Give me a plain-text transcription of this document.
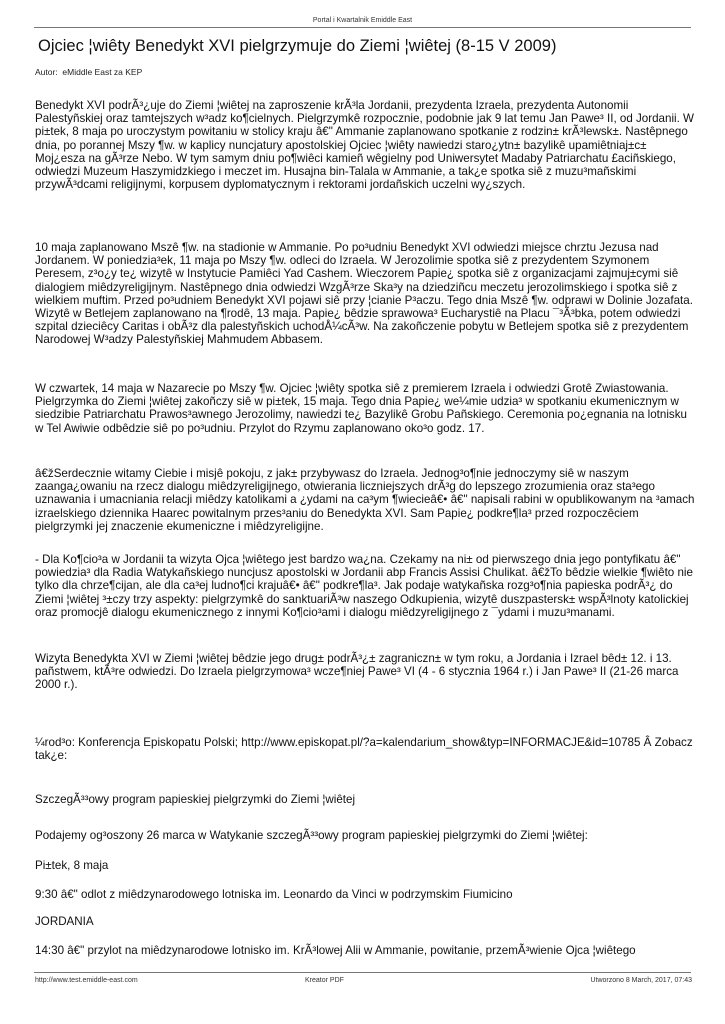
Portal i Kwartalnik Emiddle East
Ojciec ¦wiêty Benedykt XVI pielgrzymuje do Ziemi ¦wiêtej (8-15 V 2009)
Autor: eMiddle East za KEP

Benedykt XVI podrÃ³¿uje do Ziemi ¦wiêtej na zaproszenie krÃ³la Jordanii, prezydenta Izraela, prezydenta Autonomii Palestyñskiej oraz tamtejszych w³adz ko¶cielnych. Pielgrzymkê rozpocznie, podobnie jak 9 lat temu Jan Pawe³ II, od Jordanii. W pi±tek, 8 maja po uroczystym powitaniu w stolicy kraju â€" Ammanie zaplanowano spotkanie z rodzin± krÃ³lewsk±. Nastêpnego dnia, po porannej Mszy ¶w. w kaplicy nuncjatury apostolskiej Ojciec ¦wiêty nawiedzi staro¿ytn± bazylikê upamiêtniaj±c± Moj¿esza na gÃ³rze Nebo. W tym samym dniu po¶wiêci kamieñ wêgielny pod Uniwersytet Madaby Patriarchatu £aciñskiego, odwiedzi Muzeum Haszymidzkiego i meczet im. Husajna bin-Talala w Ammanie, a tak¿e spotka siê z muzu³mañskimi przywÃ³dcami religijnymi, korpusem dyplomatycznym i rektorami jordañskich uczelni wy¿szych.

10 maja zaplanowano Mszê ¶w. na stadionie w Ammanie. Po po³udniu Benedykt XVI odwiedzi miejsce chrztu Jezusa nad Jordanem. W poniedzia³ek, 11 maja po Mszy ¶w. odleci do Izraela. W Jerozolimie spotka siê z prezydentem Szymonem Peresem, z³o¿y te¿ wizytê w Instytucie Pamiêci Yad Cashem. Wieczorem Papie¿ spotka siê z organizacjami zajmuj±cymi siê dialogiem miêdzyreligijnym. Nastêpnego dnia odwiedzi WzgÃ³rze Ska³y na dziedziñcu meczetu jerozolimskiego i spotka siê z wielkiem muftim. Przed po³udniem Benedykt XVI pojawi siê przy ¦cianie P³aczu. Tego dnia Mszê ¶w. odprawi w Dolinie Jozafata.

Wizytê w Betlejem zaplanowano na ¶rodê, 13 maja. Papie¿ bêdzie sprawowa³ Eucharystiê na Placu ¯³Ã³bka, potem odwiedzi szpital dzieciêcy Caritas i obÃ³z dla palestyñskich uchodÅ¼cÃ³w. Na zakoñczenie pobytu w Betlejem spotka siê z prezydentem Narodowej W³adzy Palestyñskiej Mahmudem Abbasem.

W czwartek, 14 maja w Nazarecie po Mszy ¶w. Ojciec ¦wiêty spotka siê z premierem Izraela i odwiedzi Grotê Zwiastowania. Pielgrzymka do Ziemi ¦wiêtej zakoñczy siê w pi±tek, 15 maja. Tego dnia Papie¿ we¼mie udzia³ w spotkaniu ekumenicznym w siedzibie Patriarchatu Prawos³awnego Jerozolimy, nawiedzi te¿ Bazylikê Grobu Pañskiego. Ceremonia po¿egnania na lotnisku w Tel Awiwie odbêdzie siê po po³udniu. Przylot do Rzymu zaplanowano oko³o godz. 17.

â€žSerdecznie witamy Ciebie i misjê pokoju, z jak± przybywasz do Izraela. Jednog³o¶nie jednoczymy siê w naszym zaanga¿owaniu na rzecz dialogu miêdzyreligijnego, otwierania liczniejszych drÃ³g do lepszego zrozumienia oraz sta³ego uznawania i umacniania relacji miêdzy katolikami a ¿ydami na ca³ym ¶wiecieâ€• â€" napisali rabini w opublikowanym na ³amach izraelskiego dziennika Haarec powitalnym przes³aniu do Benedykta XVI. Sam Papie¿ podkre¶la³ przed rozpoczêciem pielgrzymki jej znaczenie ekumeniczne i miêdzyreligijne.

- Dla Ko¶cio³a w Jordanii ta wizyta Ojca ¦wiêtego jest bardzo wa¿na. Czekamy na ni± od pierwszego dnia jego pontyfikatu â€" powiedzia³ dla Radia Watykañskiego nuncjusz apostolski w Jordanii abp Francis Assisi Chulikat. â€žTo bêdzie wielkie ¶wiêto nie tylko dla chrze¶cijan, ale dla ca³ej ludno¶ci krajuâ€• â€" podkre¶la³. Jak podaje watykañska rozg³o¶nia papieska podrÃ³¿ do Ziemi ¦wiêtej ³±czy trzy aspekty: pielgrzymkê do sanktuariÃ³w naszego Odkupienia, wizytê duszpastersk± wspÃ³lnoty katolickiej oraz promocjê dialogu ekumenicznego z innymi Ko¶cio³ami i dialogu miêdzyreligijnego z ¯ydami i muzu³manami.

Wizyta Benedykta XVI w Ziemi ¦wiêtej bêdzie jego drug± podrÃ³¿± zagraniczn± w tym roku, a Jordania i Izrael bêd± 12. i 13. pañstwem, ktÃ³re odwiedzi. Do Izraela pielgrzymowa³ wcze¶niej Pawe³ VI (4 - 6 stycznia 1964 r.) i Jan Pawe³ II (21-26 marca 2000 r.).

¼rod³o: Konferencja Episkopatu Polski; http://www.episkopat.pl/?a=kalendarium_show&typ=INFORMACJE&id=10785 Â Zobacz tak¿e:

SzczegÃ³³owy program papieskiej pielgrzymki do Ziemi ¦wiêtej

Podajemy og³oszony 26 marca w Watykanie szczegÃ³³owy program papieskiej pielgrzymki do Ziemi ¦wiêtej:

Pi±tek, 8 maja

9:30 â€" odlot z miêdzynarodowego lotniska im. Leonardo da Vinci w podrzymskim Fiumicino

JORDANIA

14:30 â€" przylot na miêdzynarodowe lotnisko im. KrÃ³lowej Alii w Ammanie, powitanie, przemÃ³wienie Ojca ¦wiêtego

http://www.test.emiddle-east.com	Kreator PDF	Utworzono 8 March, 2017, 07:43
